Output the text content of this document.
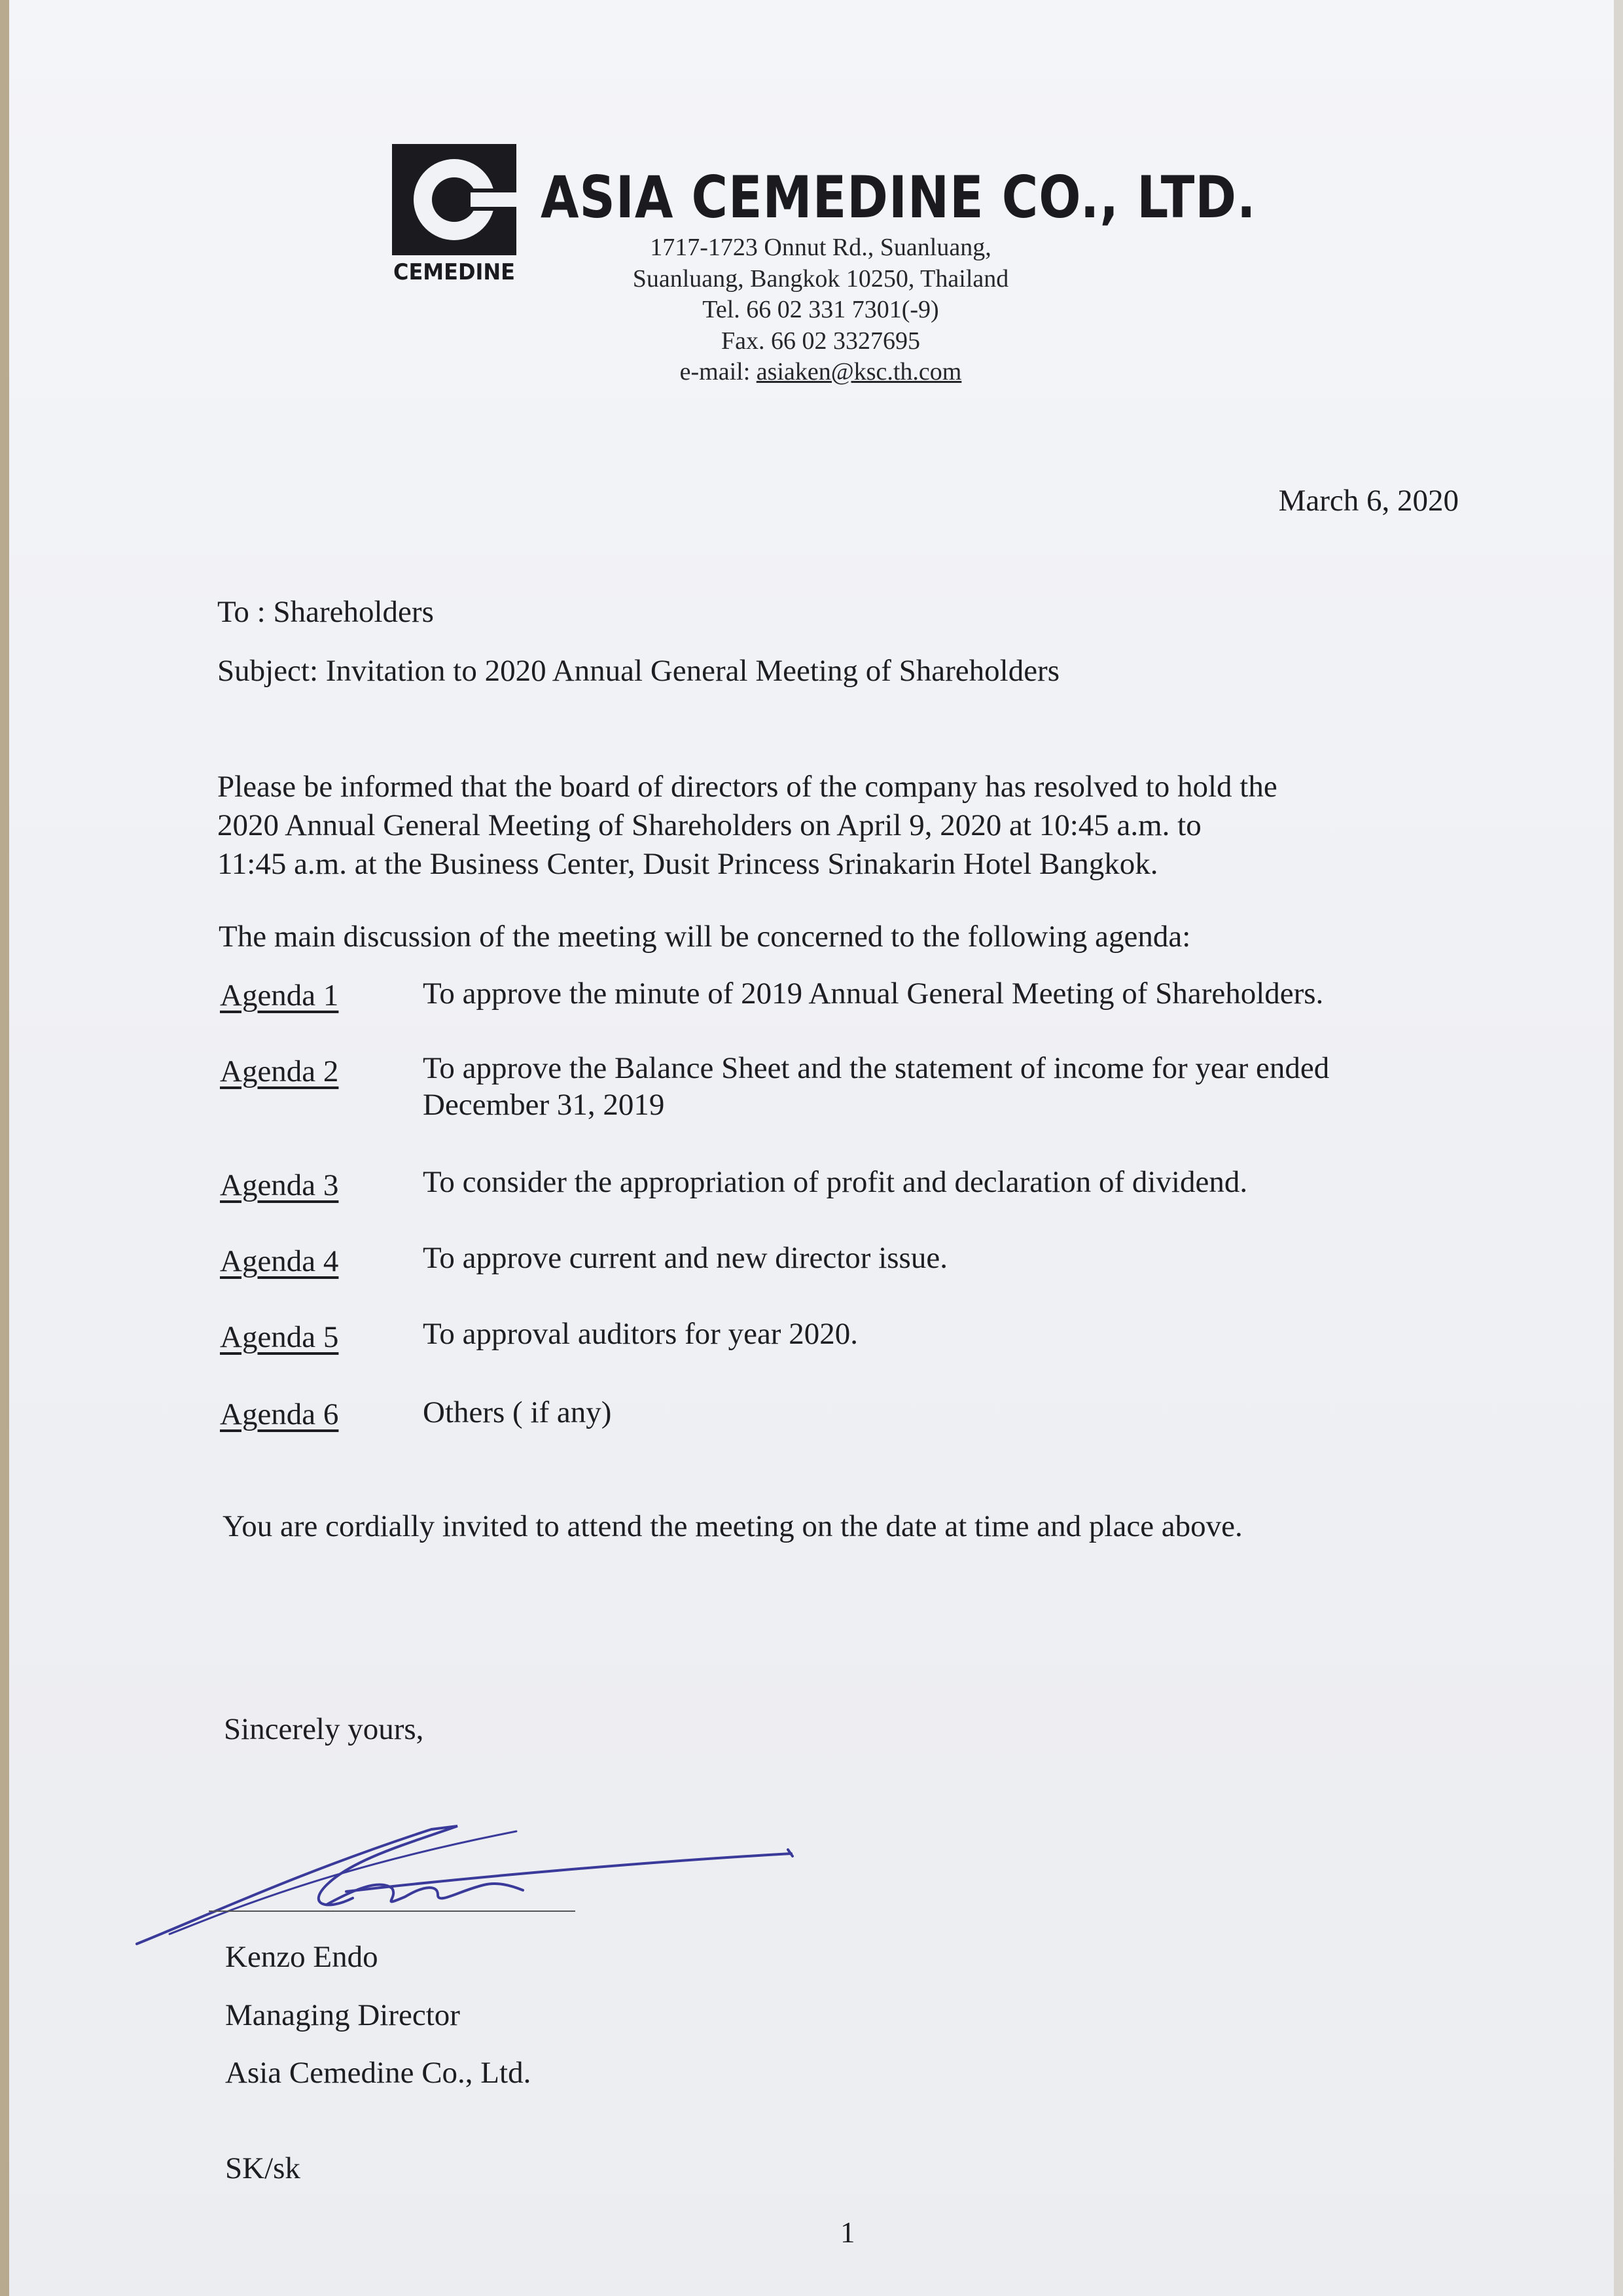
CEMEDINE
ASIA CEMEDINE CO., LTD.
1717-1723 Onnut Rd., Suanluang,
Suanluang, Bangkok 10250, Thailand
Tel. 66 02 331 7301(-9)
Fax. 66 02 3327695
e-mail: asiaken@ksc.th.com
March 6, 2020
To : Shareholders
Subject: Invitation to 2020 Annual General Meeting of Shareholders
Please be informed that the board of directors of the company has resolved to hold the
2020 Annual General Meeting of Shareholders on April 9, 2020 at 10:45 a.m. to
11:45 a.m. at the Business Center, Dusit Princess Srinakarin Hotel Bangkok.
The main discussion of the meeting will be concerned to the following agenda:
Agenda 1	To approve the minute of 2019 Annual General Meeting of Shareholders.
Agenda 2	To approve the Balance Sheet and the statement of income for year ended
December 31, 2019
Agenda 3	To consider the appropriation of profit and declaration of dividend.
Agenda 4	To approve current and new director issue.
Agenda 5	To approval auditors for year 2020.
Agenda 6	Others ( if any)
You are cordially invited to attend the meeting on the date at time and place above.
Sincerely yours,
Kenzo Endo
Managing Director
Asia Cemedine Co., Ltd.
SK/sk
1
